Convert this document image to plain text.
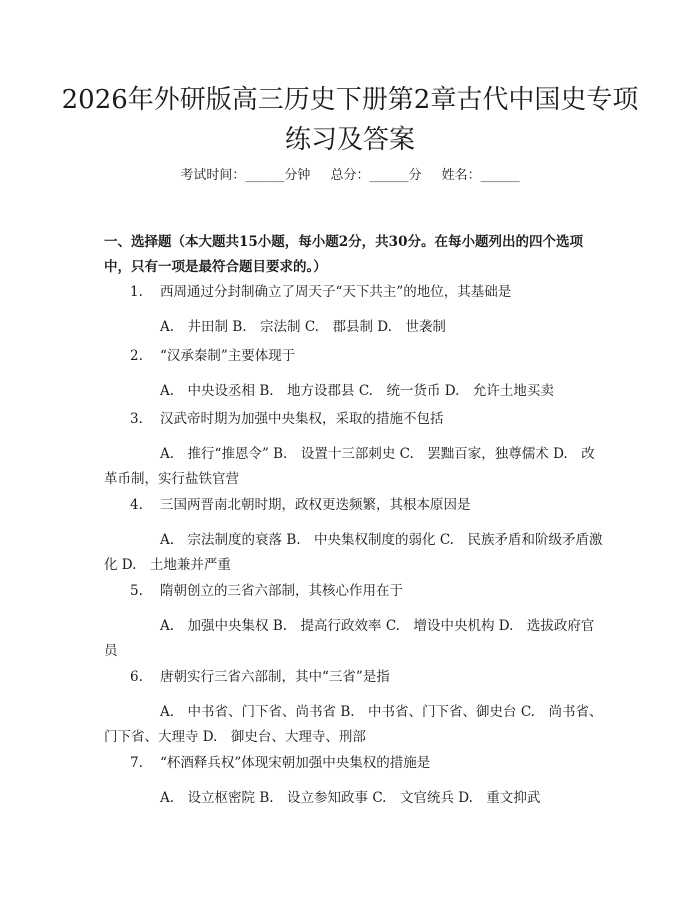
2026年外研版高三历史下册第2章古代中国史专项练习及答案
考试时间：______分钟 总分：______分 姓名：______
一、选择题（本大题共15小题，每小题2分，共30分。在每小题列出的四个选项中，只有一项是最符合题目要求的。）
1.	西周通过分封制确立了周天子“天下共主”的地位，其基础是
A.　井田制 B.　宗法制 C.　郡县制 D.　世袭制
2.	“汉承秦制”主要体现于
A.　中央设丞相 B.　地方设郡县 C.　统一货币 D.　允许土地买卖
3.	汉武帝时期为加强中央集权，采取的措施不包括
A.　推行“推恩令” B.　设置十三部刺史 C.　罢黜百家，独尊儒术 D.　改革币制，实行盐铁官营
4.	三国两晋南北朝时期，政权更迭频繁，其根本原因是
A.　宗法制度的衰落 B.　中央集权制度的弱化 C.　民族矛盾和阶级矛盾激化 D.　土地兼并严重
5.	隋朝创立的三省六部制，其核心作用在于
A.　加强中央集权 B.　提高行政效率 C.　增设中央机构 D.　选拔政府官员
6.	唐朝实行三省六部制，其中“三省”是指
A.　中书省、门下省、尚书省 B.　中书省、门下省、御史台 C.　尚书省、门下省、大理寺 D.　御史台、大理寺、刑部
7.	“杯酒释兵权”体现宋朝加强中央集权的措施是
A.　设立枢密院 B.　设立参知政事 C.　文官统兵 D.　重文抑武
